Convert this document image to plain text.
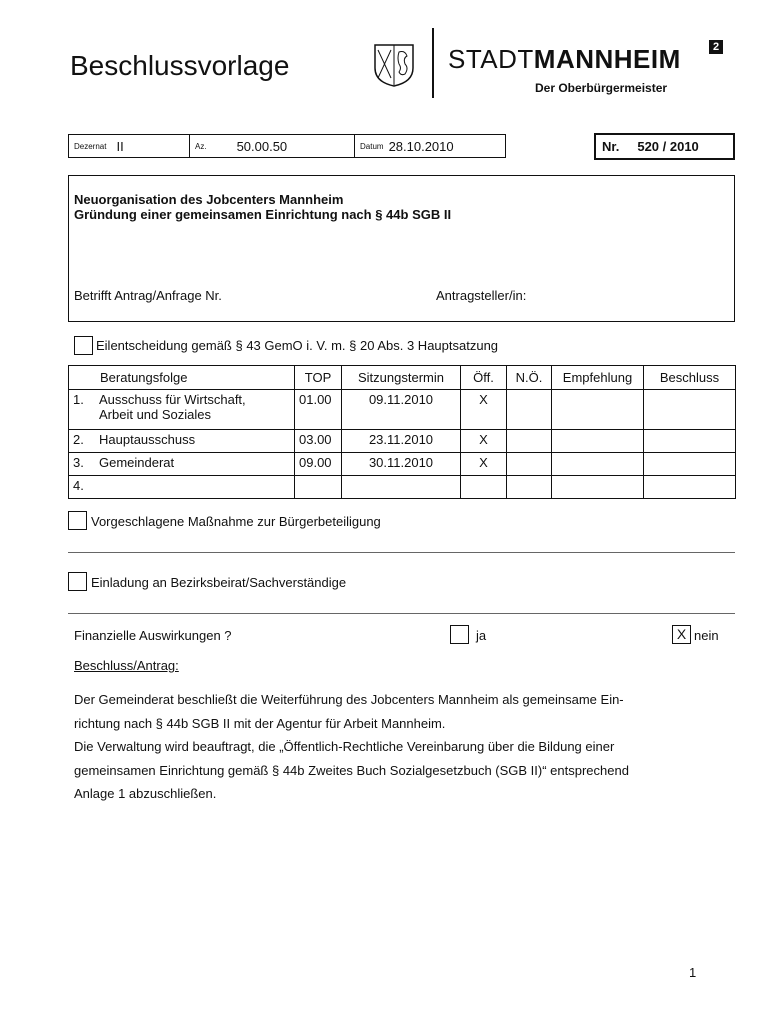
Beschlussvorlage	STADTMANNHEIM	2
Der Oberbürgermeister
Dezernat II	Az. 50.00.50	Datum 28.10.2010	Nr. 520 / 2010
Neuorganisation des Jobcenters Mannheim
Gründung einer gemeinsamen Einrichtung nach § 44b SGB II
Betrifft Antrag/Anfrage Nr.	Antragsteller/in:
Eilentscheidung gemäß § 43 GemO i. V. m. § 20 Abs. 3 Hauptsatzung
Beratungsfolge	TOP	Sitzungstermin	Öff.	N.Ö.	Empfehlung	Beschluss

1. Ausschuss für Wirtschaft,
Arbeit und Soziales	01.00	09.11.2010	X			

2. Hauptausschuss	03.00	23.11.2010	X			

3. Gemeinderat	09.00	30.11.2010	X			

4.						

Vorgeschlagene Maßnahme zur Bürgerbeteiligung
Einladung an Bezirksbeirat/Sachverständige
Finanzielle Auswirkungen ?	ja	X nein
Beschluss/Antrag:

Der Gemeinderat beschließt die Weiterführung des Jobcenters Mannheim als gemeinsame Ein-

richtung nach § 44b SGB II mit der Agentur für Arbeit Mannheim.

Die Verwaltung wird beauftragt, die „Öffentlich-Rechtliche Vereinbarung über die Bildung einer

gemeinsamen Einrichtung gemäß § 44b Zweites Buch Sozialgesetzbuch (SGB II)“ entsprechend

Anlage 1 abzuschließen.

1
